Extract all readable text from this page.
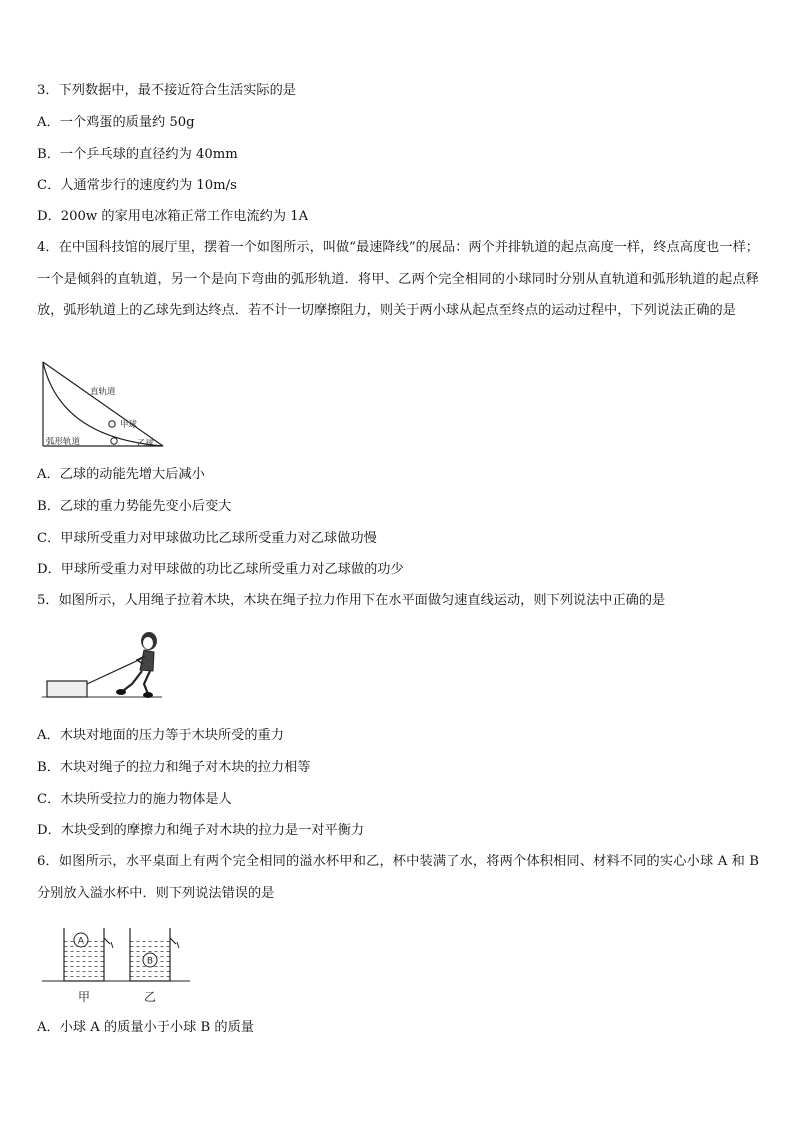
3．下列数据中，最不接近符合生活实际的是
A．一个鸡蛋的质量约 50g
B．一个乒乓球的直径约为 40mm
C．人通常步行的速度约为 10m/s
D．200w 的家用电冰箱正常工作电流约为 1A
4．在中国科技馆的展厅里，摆着一个如图所示，叫做“最速降线”的展品：两个并排轨道的起点高度一样，终点高度也一样；一个是倾斜的直轨道，另一个是向下弯曲的弧形轨道．将甲、乙两个完全相同的小球同时分别从直轨道和弧形轨道的起点释放，弧形轨道上的乙球先到达终点．若不计一切摩擦阻力，则关于两小球从起点至终点的运动过程中，下列说法正确的是
直轨道
甲球
乙球
弧形轨道
A．乙球的动能先增大后减小
B．乙球的重力势能先变小后变大
C．甲球所受重力对甲球做功比乙球所受重力对乙球做功慢
D．甲球所受重力对甲球做的功比乙球所受重力对乙球做的功少
5．如图所示，人用绳子拉着木块，木块在绳子拉力作用下在水平面做匀速直线运动，则下列说法中正确的是
A．木块对地面的压力等于木块所受的重力
B．木块对绳子的拉力和绳子对木块的拉力相等
C．木块所受拉力的施力物体是人
D．木块受到的摩擦力和绳子对木块的拉力是一对平衡力
6．如图所示，水平桌面上有两个完全相同的溢水杯甲和乙，杯中装满了水，将两个体积相同、材料不同的实心小球 A 和 B 分别放入溢水杯中．则下列说法错误的是
A
B
甲	乙
A．小球 A 的质量小于小球 B 的质量
